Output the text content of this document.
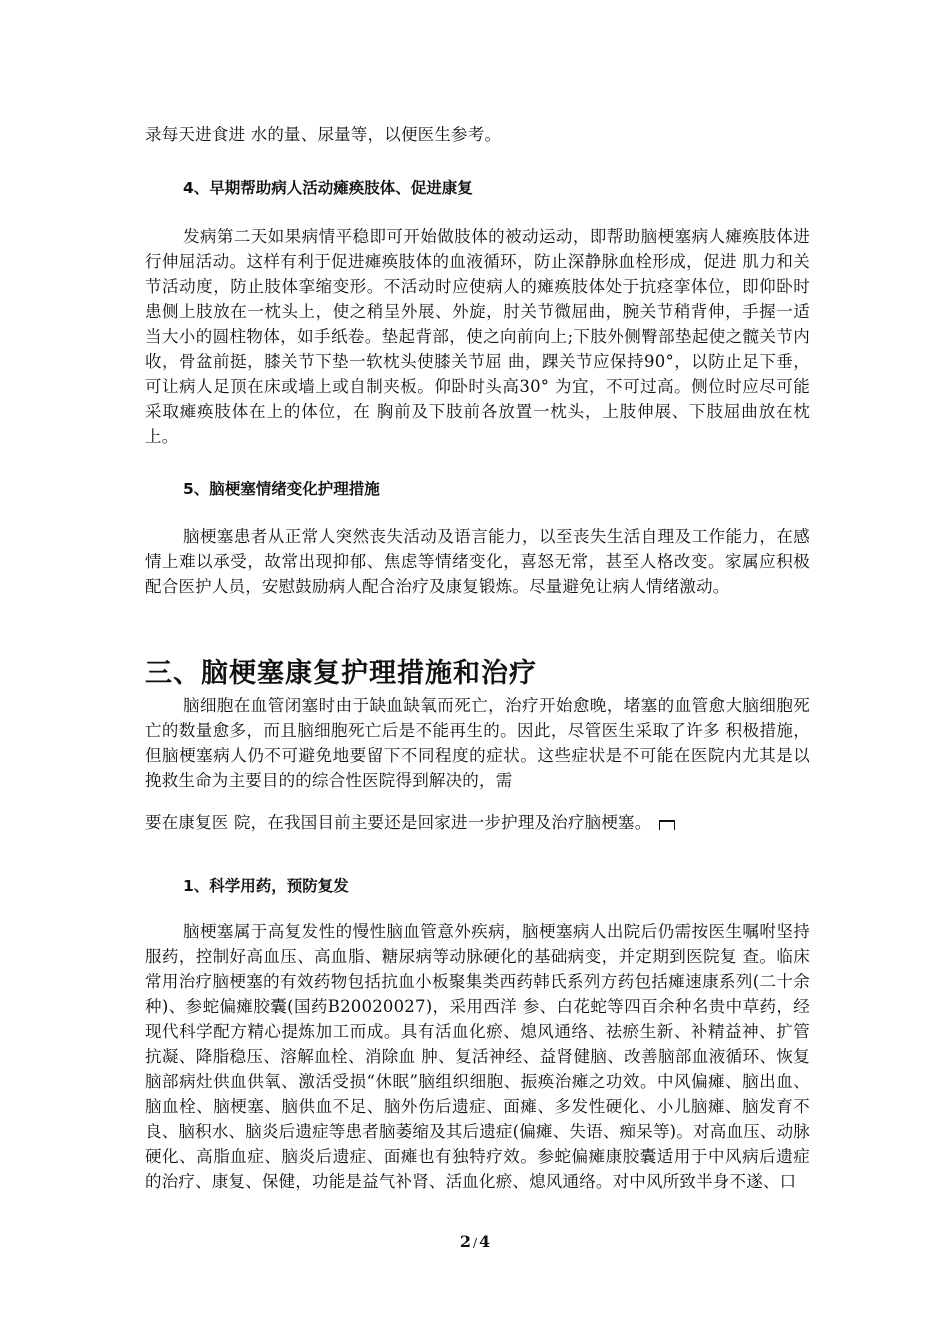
录每天进食进 水的量、尿量等，以便医生参考。
4、早期帮助病人活动瘫痪肢体、促进康复
发病第二天如果病情平稳即可开始做肢体的被动运动，即帮助脑梗塞病人瘫痪肢体进行伸屈活动。这样有利于促进瘫痪肢体的血液循环，防止深静脉血栓形成，促进 肌力和关节活动度，防止肢体挛缩变形。不活动时应使病人的瘫痪肢体处于抗痉挛体位，即仰卧时患侧上肢放在一枕头上，使之稍呈外展、外旋，肘关节微屈曲，腕关节稍背伸，手握一适当大小的圆柱物体，如手纸卷。垫起背部，使之向前向上;下肢外侧臀部垫起使之髋关节内收，骨盆前挺，膝关节下垫一软枕头使膝关节屈 曲，踝关节应保持90°，以防止足下垂，可让病人足顶在床或墙上或自制夹板。仰卧时头高30° 为宜，不可过高。侧位时应尽可能采取瘫痪肢体在上的体位，在 胸前及下肢前各放置一枕头，上肢伸展、下肢屈曲放在枕上。
5、脑梗塞情绪变化护理措施
脑梗塞患者从正常人突然丧失活动及语言能力，以至丧失生活自理及工作能力，在感情上难以承受，故常出现抑郁、焦虑等情绪变化，喜怒无常，甚至人格改变。家属应积极配合医护人员，安慰鼓励病人配合治疗及康复锻炼。尽量避免让病人情绪激动。
三、脑梗塞康复护理措施和治疗
脑细胞在血管闭塞时由于缺血缺氧而死亡，治疗开始愈晚，堵塞的血管愈大脑细胞死亡的数量愈多，而且脑细胞死亡后是不能再生的。因此，尽管医生采取了许多 积极措施，但脑梗塞病人仍不可避免地要留下不同程度的症状。这些症状是不可能在医院内尤其是以挽救生命为主要目的的综合性医院得到解决的，需
要在康复医 院，在我国目前主要还是回家进一步护理及治疗脑梗塞。
1、科学用药，预防复发
脑梗塞属于高复发性的慢性脑血管意外疾病，脑梗塞病人出院后仍需按医生嘱咐坚持服药，控制好高血压、高血脂、糖尿病等动脉硬化的基础病变，并定期到医院复 查。临床常用治疗脑梗塞的有效药物包括抗血小板聚集类西药韩氏系列方药包括瘫速康系列(二十余种)、参蛇偏瘫胶囊(国药B20020027)，采用西洋 参、白花蛇等四百余种名贵中草药，经现代科学配方精心提炼加工而成。具有活血化瘀、熄风通络、祛瘀生新、补精益神、扩管抗凝、降脂稳压、溶解血栓、消除血 肿、复活神经、益肾健脑、改善脑部血液循环、恢复脑部病灶供血供氧、激活受损“休眠”脑组织细胞、振痪治瘫之功效。中风偏瘫、脑出血、脑血栓、脑梗塞、脑供血不足、脑外伤后遗症、面瘫、多发性硬化、小儿脑瘫、脑发育不良、脑积水、脑炎后遗症等患者脑萎缩及其后遗症(偏瘫、失语、痴呆等)。对高血压、动脉硬化、高脂血症、脑炎后遗症、面瘫也有独特疗效。参蛇偏瘫康胶囊适用于中风病后遗症的治疗、康复、保健，功能是益气补肾、活血化瘀、熄风通络。对中风所致半身不遂、口
2 / 4
